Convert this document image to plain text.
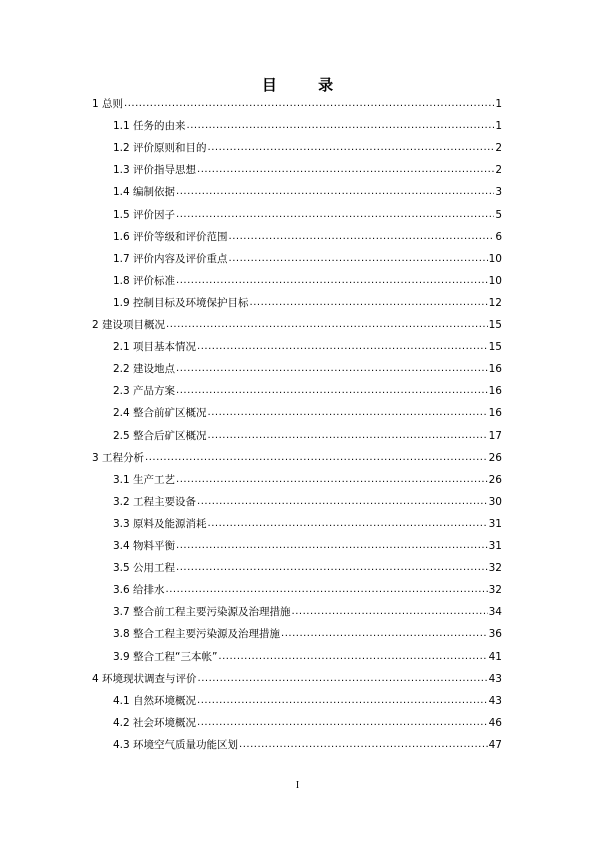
目 录
1 总则 .....	1
1.1 任务的由来 .....	1
1.2 评价原则和目的 .....	2
1.3 评价指导思想 .....	2
1.4 编制依据 .....	3
1.5 评价因子 .....	5
1.6 评价等级和评价范围 .....	6
1.7 评价内容及评价重点 .....	10
1.8 评价标准 .....	10
1.9 控制目标及环境保护目标 .....	12
2 建设项目概况 .....	15
2.1 项目基本情况 .....	15
2.2 建设地点 .....	16
2.3 产品方案 .....	16
2.4 整合前矿区概况 .....	16
2.5 整合后矿区概况 .....	17
3 工程分析 .....	26
3.1 生产工艺 .....	26
3.2 工程主要设备 .....	30
3.3 原料及能源消耗 .....	31
3.4 物料平衡 .....	31
3.5 公用工程 .....	32
3.6 给排水 .....	32
3.7 整合前工程主要污染源及治理措施 .....	34
3.8 整合工程主要污染源及治理措施 .....	36
3.9 整合工程“三本帐” .....	41
4 环境现状调查与评价 .....	43
4.1 自然环境概况 .....	43
4.2 社会环境概况 .....	46
4.3 环境空气质量功能区划 .....	47
I
